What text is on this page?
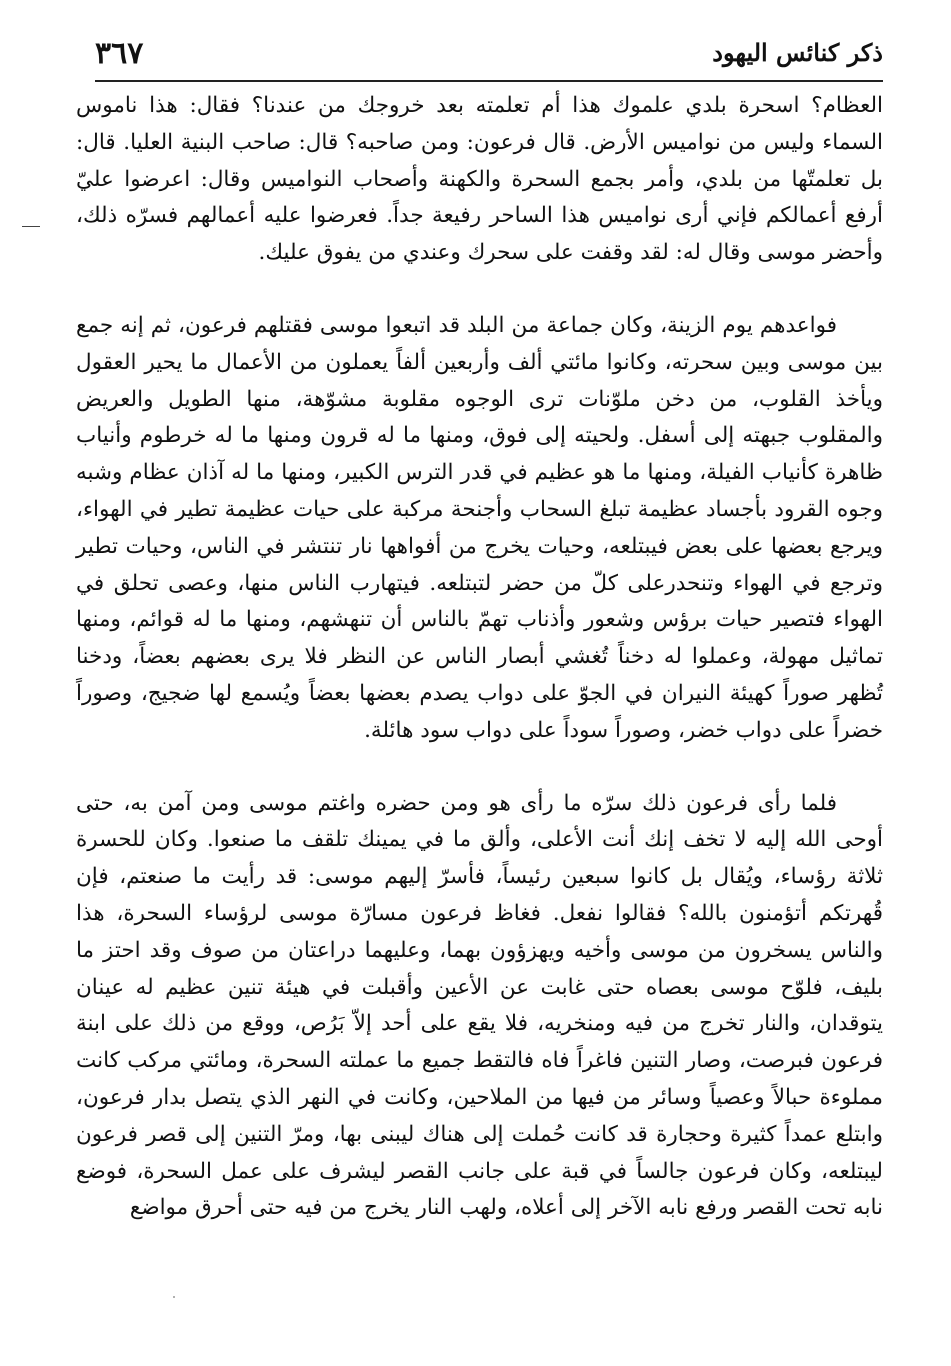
٣٦٧	ذكر كنائس اليهود

العظام؟ اسحرة بلدي علموك هذا أم تعلمته بعد خروجك من عندنا؟ فقال: هذا ناموس السماء وليس من نواميس الأرض. قال فرعون: ومن صاحبه؟ قال: صاحب البنية العليا. قال: بل تعلمتّها من بلدي، وأمر بجمع السحرة والكهنة وأصحاب النواميس وقال: اعرضوا عليّ أرفع أعمالكم فإني أرى نواميس هذا الساحر رفيعة جداً. فعرضوا عليه أعمالهم فسرّه ذلك، وأحضر موسى وقال له: لقد وقفت على سحرك وعندي من يفوق عليك.

فواعدهم يوم الزينة، وكان جماعة من البلد قد اتبعوا موسى فقتلهم فرعون، ثم إنه جمع بين موسى وبين سحرته، وكانوا مائتي ألف وأربعين ألفاً يعملون من الأعمال ما يحير العقول ويأخذ القلوب، من دخن ملوّنات ترى الوجوه مقلوبة مشوّهة، منها الطويل والعريض والمقلوب جبهته إلى أسفل. ولحيته إلى فوق، ومنها ما له قرون ومنها ما له خرطوم وأنياب ظاهرة كأنياب الفيلة، ومنها ما هو عظيم في قدر الترس الكبير، ومنها ما له آذان عظام وشبه وجوه القرود بأجساد عظيمة تبلغ السحاب وأجنحة مركبة على حيات عظيمة تطير في الهواء، ويرجع بعضها على بعض فيبتلعه، وحيات يخرج من أفواهها نار تنتشر في الناس، وحيات تطير وترجع في الهواء وتنحدرعلى كلّ من حضر لتبتلعه. فيتهارب الناس منها، وعصى تحلق في الهواء فتصير حيات برؤس وشعور وأذناب تهمّ بالناس أن تنهشهم، ومنها ما له قوائم، ومنها تماثيل مهولة، وعملوا له دخناً تُغشي أبصار الناس عن النظر فلا يرى بعضهم بعضاً، ودخنا تُظهر صوراً كهيئة النيران في الجوّ على دواب يصدم بعضها بعضاً ويُسمع لها ضجيج، وصوراً خضراً على دواب خضر، وصوراً سوداً على دواب سود هائلة.

فلما رأى فرعون ذلك سرّه ما رأى هو ومن حضره واغتم موسى ومن آمن به، حتى أوحى الله إليه لا تخف إنك أنت الأعلى، وألق ما في يمينك تلقف ما صنعوا. وكان للحسرة ثلاثة رؤساء، ويُقال بل كانوا سبعين رئيساً، فأسرّ إليهم موسى: قد رأيت ما صنعتم، فإن قُهرتكم أتؤمنون بالله؟ فقالوا نفعل. فغاظ فرعون مسارّة موسى لرؤساء السحرة، هذا والناس يسخرون من موسى وأخيه ويهزؤون بهما، وعليهما دراعتان من صوف وقد احتز ما بليف، فلوّح موسى بعصاه حتى غابت عن الأعين وأقبلت في هيئة تنين عظيم له عينان يتوقدان، والنار تخرج من فيه ومنخريه، فلا يقع على أحد إلاّ بَرُص، ووقع من ذلك على ابنة فرعون فبرصت، وصار التنين فاغراً فاه فالتقط جميع ما عملته السحرة، ومائتي مركب كانت مملوءة حبالاً وعصياً وسائر من فيها من الملاحين، وكانت في النهر الذي يتصل بدار فرعون، وابتلع عمداً كثيرة وحجارة قد كانت حُملت إلى هناك ليبنى بها، ومرّ التنين إلى قصر فرعون ليبتلعه، وكان فرعون جالساً في قبة على جانب القصر ليشرف على عمل السحرة، فوضع نابه تحت القصر ورفع نابه الآخر إلى أعلاه، ولهب النار يخرج من فيه حتى أحرق مواضع
